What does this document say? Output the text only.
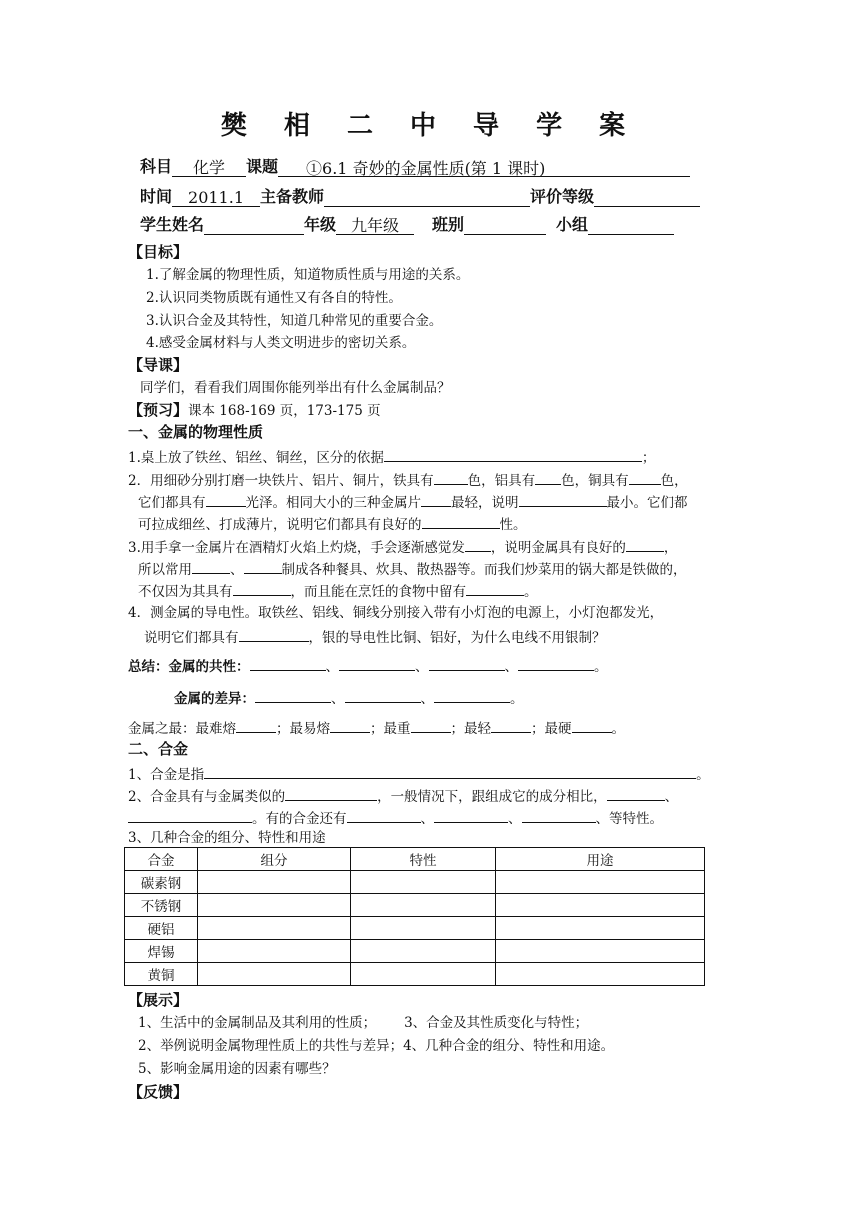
樊 相 二 中 导 学 案
科目 化学 课题 ①6.1 奇妙的金属性质(第 1 课时)
时间 2011.1 主备教师	评价等级
学生姓名	年级 九年级 班别	小组
【目标】
1.了解金属的物理性质，知道物质性质与用途的关系。
2.认识同类物质既有通性又有各自的特性。
3.认识合金及其特性，知道几种常见的重要合金。
4.感受金属材料与人类文明进步的密切关系。
【导课】
同学们，看看我们周围你能列举出有什么金属制品？
【预习】课本 168-169 页，173-175 页
一、金属的物理性质
1.桌上放了铁丝、铝丝、铜丝，区分的依据	；
2．用细砂分别打磨一块铁片、铝片、铜片，铁具有	色，铝具有 色，铜具有 色，
它们都具有	光泽。相同大小的三种金属片 最轻，说明	最小。它们都
可拉成细丝、打成薄片，说明它们都具有良好的	性。
3.用手拿一金属片在酒精灯火焰上灼烧，手会逐渐感觉发 ，说明金属具有良好的	，
所以常用	、	制成各种餐具、炊具、散热器等。而我们炒菜用的锅大都是铁做的，
不仅因为其具有	，而且能在烹饪的食物中留有	。
4．测金属的导电性。取铁丝、铝线、铜线分别接入带有小灯泡的电源上，小灯泡都发光，
说明它们都具有	，银的导电性比铜、铝好，为什么电线不用银制？
总结：金属的共性：	、	、	、	。
金属的差异：	、	、	。
金属之最：最难熔	；最易熔	；最重	；最轻	；最硬	。
二、合金
1、合金是指	。
2、合金具有与金属类似的	，一般情况下，跟组成它的成分相比，	、
。有的合金还有	、	、	、等特性。
3、几种合金的组分、特性和用途
合金	组分	特性	用途
碳素钢			
不锈钢			
硬铝			
焊锡			
黄铜			
【展示】
1、生活中的金属制品及其利用的性质； 3、合金及其性质变化与特性；
2、举例说明金属物理性质上的共性与差异；4、几种合金的组分、特性和用途。
5、影响金属用途的因素有哪些？
【反馈】
